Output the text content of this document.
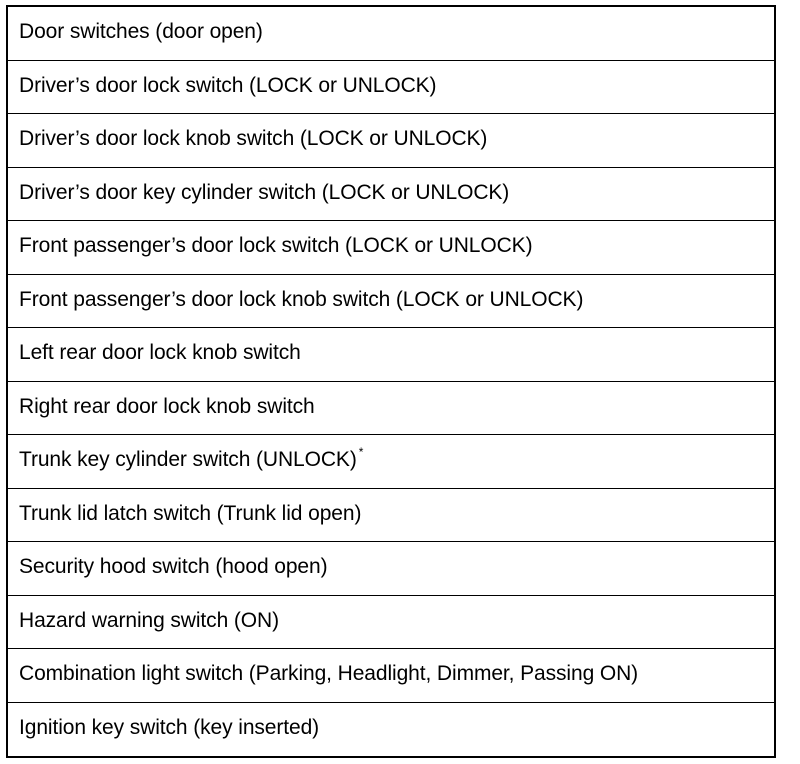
Door switches (door open)
Driver’s door lock switch (LOCK or UNLOCK)
Driver’s door lock knob switch (LOCK or UNLOCK)
Driver’s door key cylinder switch (LOCK or UNLOCK)
Front passenger’s door lock switch (LOCK or UNLOCK)
Front passenger’s door lock knob switch (LOCK or UNLOCK)
Left rear door lock knob switch
Right rear door lock knob switch
Trunk key cylinder switch (UNLOCK) *
Trunk lid latch switch (Trunk lid open)
Security hood switch (hood open)
Hazard warning switch (ON)
Combination light switch (Parking, Headlight, Dimmer, Passing ON)
Ignition key switch (key inserted)
